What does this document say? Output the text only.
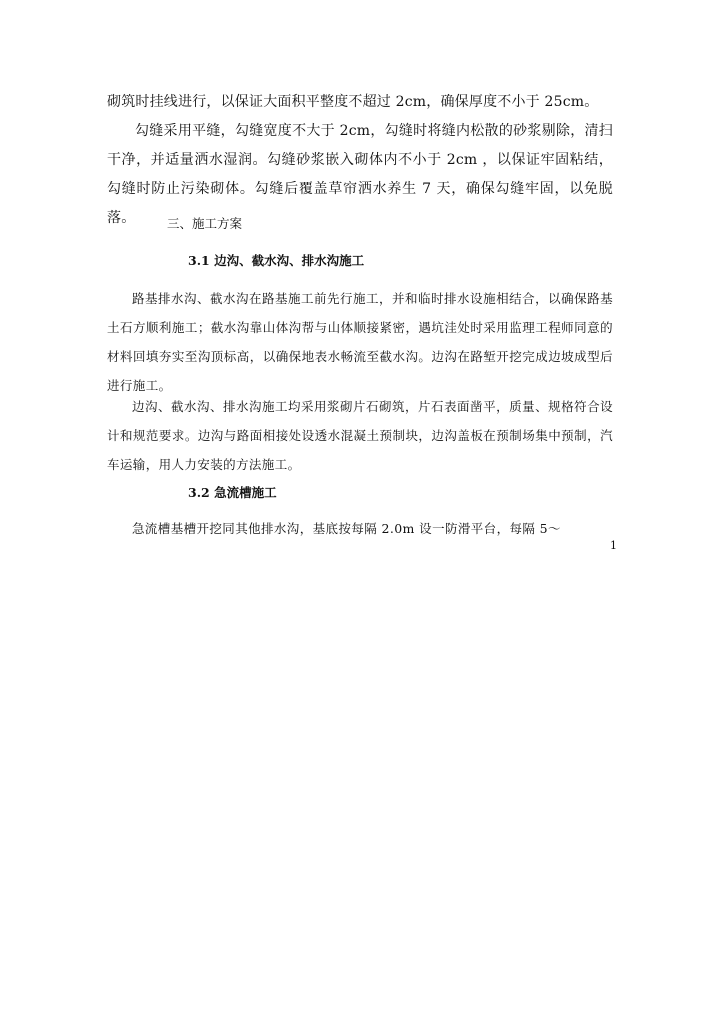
砌筑时挂线进行，以保证大面积平整度不超过 2cm，确保厚度不小于 25cm。

勾缝采用平缝，勾缝宽度不大于 2cm，勾缝时将缝内松散的砂浆剔除，清扫干净，并适量洒水湿润。勾缝砂浆嵌入砌体内不小于 2cm ，以保证牢固粘结，勾缝时防止污染砌体。勾缝后覆盖草帘洒水养生 7 天，确保勾缝牢固，以免脱落。	三、施工方案
3.1 边沟、截水沟、排水沟施工

路基排水沟、截水沟在路基施工前先行施工，并和临时排水设施相结合，以确保路基土石方顺利施工；截水沟靠山体沟帮与山体顺接紧密，遇坑洼处时采用监理工程师同意的材料回填夯实至沟顶标高，以确保地表水畅流至截水沟。边沟在路堑开挖完成边坡成型后进行施工。

边沟、截水沟、排水沟施工均采用浆砌片石砌筑，片石表面凿平，质量、规格符合设计和规范要求。边沟与路面相接处设透水混凝土预制块，边沟盖板在预制场集中预制，汽车运输，用人力安装的方法施工。

3.2 急流槽施工

急流槽基槽开挖同其他排水沟，基底按每隔 2.0m 设一防滑平台，每隔 5～

1
